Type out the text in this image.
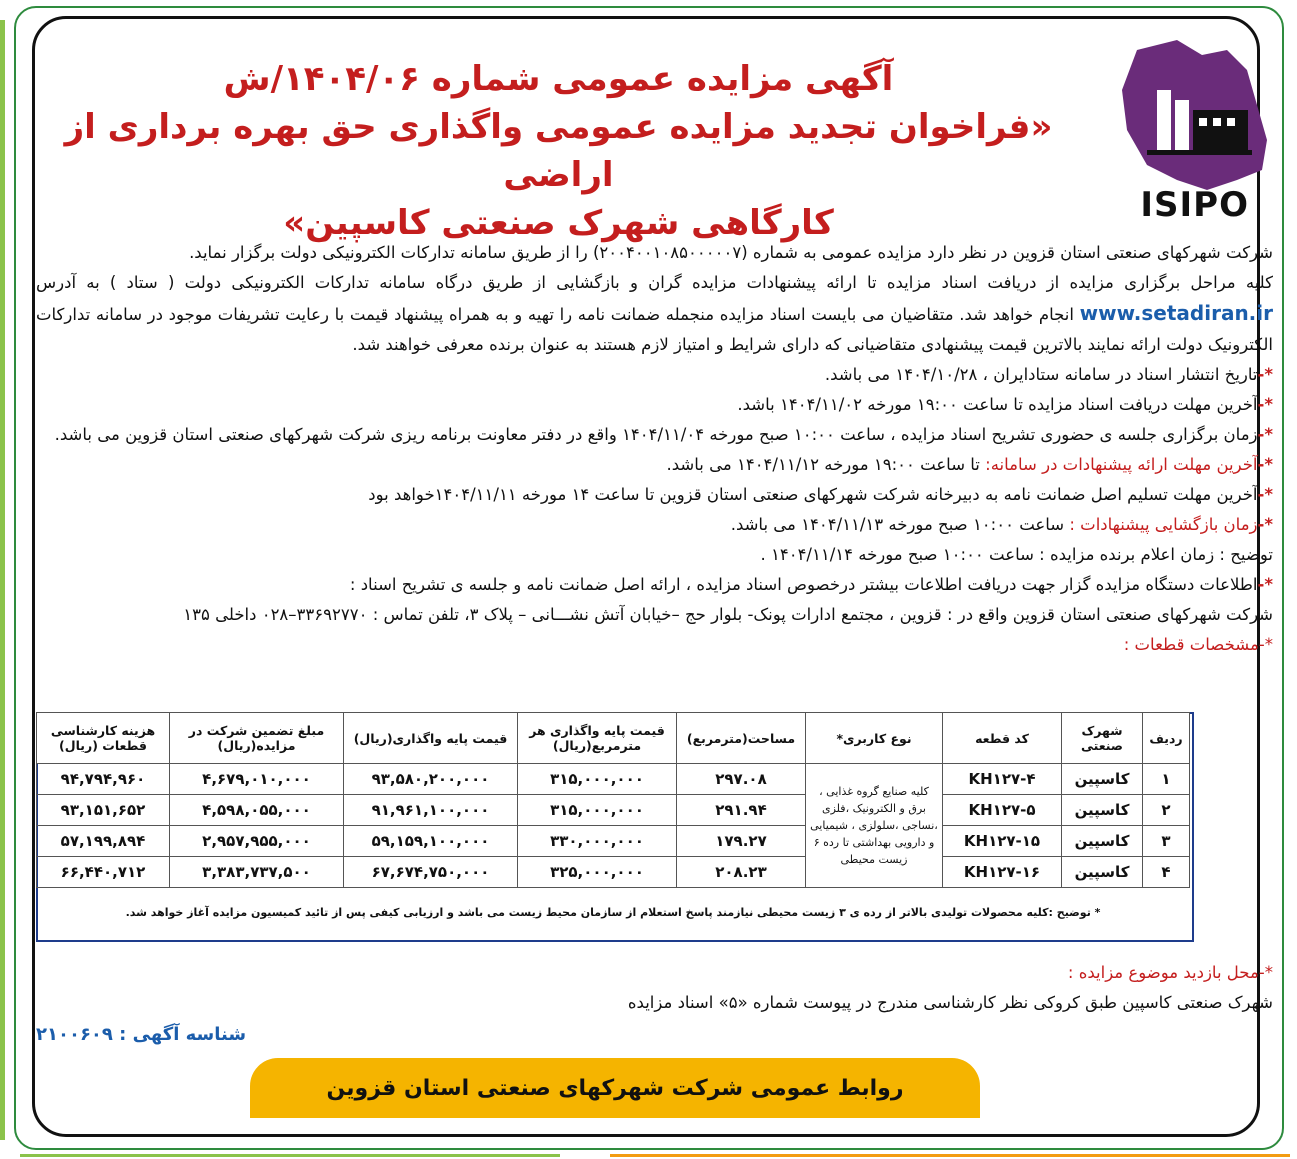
ISIPO
آگهی مزایده عمومی شماره ۱۴۰۴/۰۶/ش
«فراخوان تجدید مزایده عمومی واگذاری حق بهره برداری از اراضی
کارگاهی شهرک صنعتی کاسپین»

شرکت شهرکهای صنعتی استان قزوین در نظر دارد مزایده عمومی به شماره (۲۰۰۴۰۰۱۰۸۵۰۰۰۰۰۷) را از طریق سامانه تدارکات الکترونیکی دولت برگزار نماید.

کلیه مراحل برگزاری مزایده از دریافت اسناد مزایده تا ارائه پیشنهادات مزایده گران و بازگشایی از طریق درگاه سامانه تدارکات الکترونیکی دولت ( ستاد ) به آدرس www.setadiran.ir انجام خواهد شد. متقاضیان می بایست اسناد مزایده منجمله ضمانت نامه را تهیه و به همراه پیشنهاد قیمت با رعایت تشریفات موجود در سامانه تدارکات الکترونیک دولت ارائه نمایند بالاترین قیمت پیشنهادی متقاضیانی که دارای شرایط و امتیاز لازم هستند به عنوان برنده معرفی خواهند شد.

*-تاریخ انتشار اسناد در سامانه ستادایران ، ۱۴۰۴/۱۰/۲۸ می باشد.

*-آخرین مهلت دریافت اسناد مزایده تا ساعت ۱۹:۰۰ مورخه ۱۴۰۴/۱۱/۰۲ باشد.

*-زمان برگزاری جلسه ی حضوری تشریح اسناد مزایده ، ساعت ۱۰:۰۰ صبح مورخه ۱۴۰۴/۱۱/۰۴ واقع در دفتر معاونت برنامه ریزی شرکت شهرکهای صنعتی استان قزوین می باشد.

*-آخرین مهلت ارائه پیشنهادات در سامانه: تا ساعت ۱۹:۰۰ مورخه ۱۴۰۴/۱۱/۱۲ می باشد.

*-آخرین مهلت تسلیم اصل ضمانت نامه به دبیرخانه شرکت شهرکهای صنعتی استان قزوین تا ساعت ۱۴ مورخه ۱۴۰۴/۱۱/۱۱خواهد بود

*-زمان بازگشایی پیشنهادات : ساعت ۱۰:۰۰ صبح مورخه ۱۴۰۴/۱۱/۱۳ می باشد.

توضیح : زمان اعلام برنده مزایده : ساعت ۱۰:۰۰ صبح مورخه ۱۴۰۴/۱۱/۱۴ .

*-اطلاعات دستگاه مزایده گزار جهت دریافت اطلاعات بیشتر درخصوص اسناد مزایده ، ارائه اصل ضمانت نامه و جلسه ی تشریح اسناد :

شرکت شهرکهای صنعتی استان قزوین واقع در : قزوین ، مجتمع ادارات پونک- بلوار حج –خیابان آتش نشـــانی – پلاک ۳، تلفن تماس : ۳۳۶۹۲۷۷۰–۰۲۸ داخلی ۱۳۵

*-مشخصات قطعات :

ردیف	شهرک صنعتی	کد قطعه	نوع کاربری*	مساحت(مترمربع)	قیمت پایه واگذاری هر مترمربع(ریال)	قیمت پایه واگذاری(ریال)	مبلغ تضمین شرکت در مزایده(ریال)	هزینه کارشناسی قطعات (ریال)
۱	کاسپین	KH۱۲۷-۴	کلیه صنایع گروه غذایی ، برق و الکترونیک ،فلزی ،نساجی ،سلولزی ، شیمیایی و دارویی بهداشتی تا رده ۶ زیست محیطی	۲۹۷.۰۸	۳۱۵,۰۰۰,۰۰۰	۹۳,۵۸۰,۲۰۰,۰۰۰	۴,۶۷۹,۰۱۰,۰۰۰	۹۴,۷۹۴,۹۶۰
۲	کاسپین	KH۱۲۷-۵		۲۹۱.۹۴	۳۱۵,۰۰۰,۰۰۰	۹۱,۹۶۱,۱۰۰,۰۰۰	۴,۵۹۸,۰۵۵,۰۰۰	۹۳,۱۵۱,۶۵۲
۳	کاسپین	KH۱۲۷-۱۵		۱۷۹.۲۷	۳۳۰,۰۰۰,۰۰۰	۵۹,۱۵۹,۱۰۰,۰۰۰	۲,۹۵۷,۹۵۵,۰۰۰	۵۷,۱۹۹,۸۹۴
۴	کاسپین	KH۱۲۷-۱۶		۲۰۸.۲۳	۳۲۵,۰۰۰,۰۰۰	۶۷,۶۷۴,۷۵۰,۰۰۰	۳,۳۸۳,۷۳۷,۵۰۰	۶۶,۴۴۰,۷۱۲
* توضیح :کلیه محصولات تولیدی بالاتر از رده ی ۳ زیست محیطی نیازمند پاسخ استعلام از سازمان محیط زیست می باشد و ارزیابی کیفی پس از تائید کمیسیون مزایده آغاز خواهد شد.

*-محل بازدید موضوع مزایده :

شهرک صنعتی کاسپین طبق کروکی نظر کارشناسی مندرج در پیوست شماره «۵» اسناد مزایده

شناسه آگهی : ۲۱۰۰۶۰۹
روابط عمومی شرکت شهرکهای صنعتی استان قزوین
